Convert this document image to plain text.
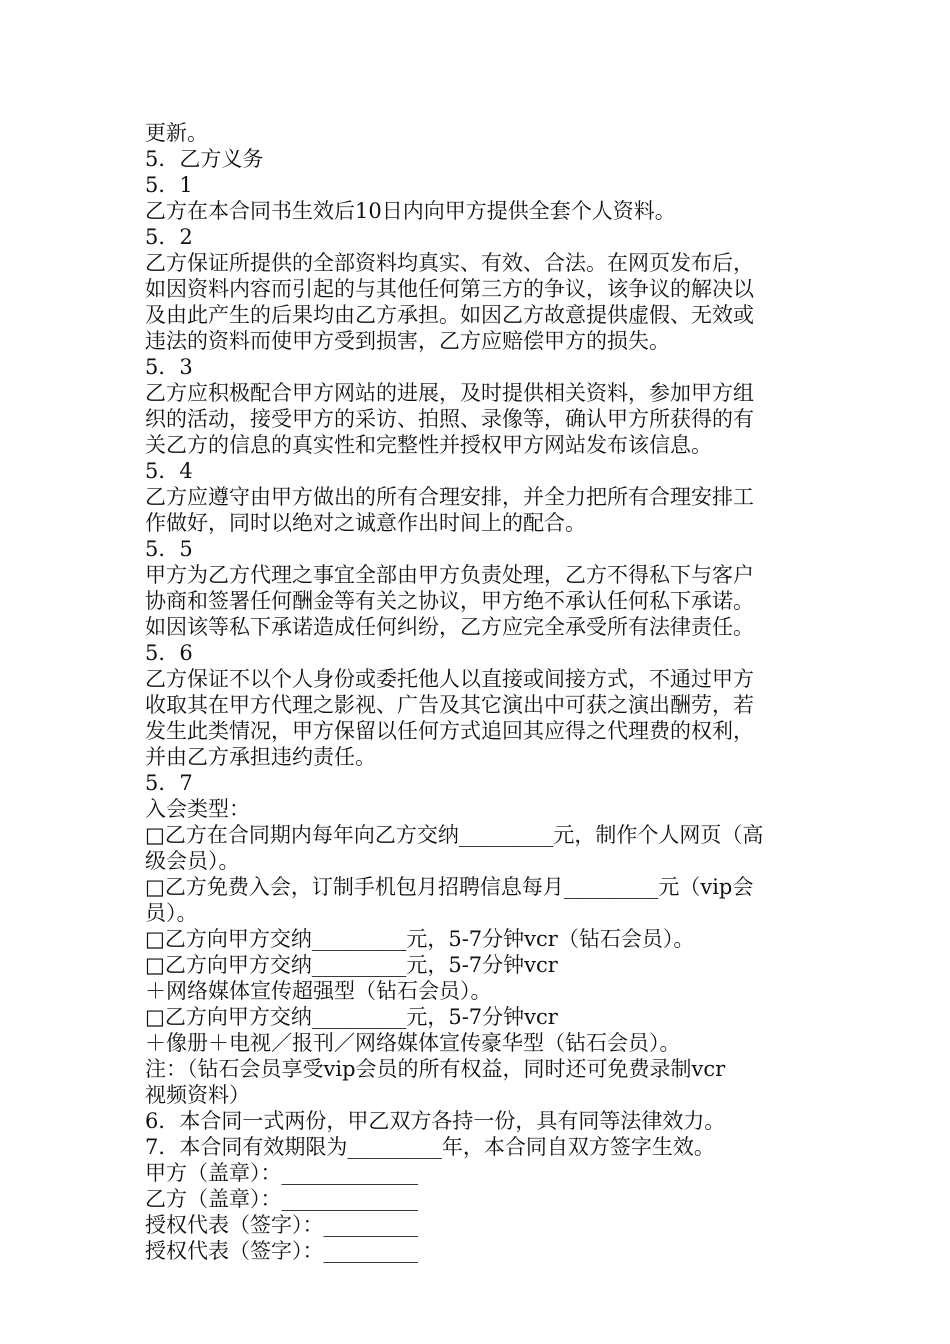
更新。

5．乙方义务

5．1

乙方在本合同书生效后10日内向甲方提供全套个人资料。

5．2

乙方保证所提供的全部资料均真实、有效、合法。在网页发布后，

如因资料内容而引起的与其他任何第三方的争议，该争议的解决以

及由此产生的后果均由乙方承担。如因乙方故意提供虚假、无效或

违法的资料而使甲方受到损害，乙方应赔偿甲方的损失。

5．3

乙方应积极配合甲方网站的进展，及时提供相关资料，参加甲方组

织的活动，接受甲方的采访、拍照、录像等，确认甲方所获得的有

关乙方的信息的真实性和完整性并授权甲方网站发布该信息。

5．4

乙方应遵守由甲方做出的所有合理安排，并全力把所有合理安排工

作做好，同时以绝对之诚意作出时间上的配合。

5．5

甲方为乙方代理之事宜全部由甲方负责处理，乙方不得私下与客户

协商和签署任何酬金等有关之协议，甲方绝不承认任何私下承诺。

如因该等私下承诺造成任何纠纷，乙方应完全承受所有法律责任。

5．6

乙方保证不以个人身份或委托他人以直接或间接方式，不通过甲方

收取其在甲方代理之影视、广告及其它演出中可获之演出酬劳，若

发生此类情况，甲方保留以任何方式追回其应得之代理费的权利，

并由乙方承担违约责任。

5．7

入会类型：

□乙方在合同期内每年向乙方交纳_________元，制作个人网页（高

级会员）。

□乙方免费入会，订制手机包月招聘信息每月_________元（vip会

员）。

□乙方向甲方交纳_________元，5-7分钟vcr（钻石会员）。

□乙方向甲方交纳_________元，5-7分钟vcr

＋网络媒体宣传超强型（钻石会员）。

□乙方向甲方交纳_________元，5-7分钟vcr

＋像册＋电视／报刊／网络媒体宣传豪华型（钻石会员）。

注：（钻石会员享受vip会员的所有权益，同时还可免费录制vcr

视频资料）

6．本合同一式两份，甲乙双方各持一份，具有同等法律效力。

7．本合同有效期限为_________年，本合同自双方签字生效。

甲方（盖章）：_____________

乙方（盖章）：_____________

授权代表（签字）：_________

授权代表（签字）：_________
